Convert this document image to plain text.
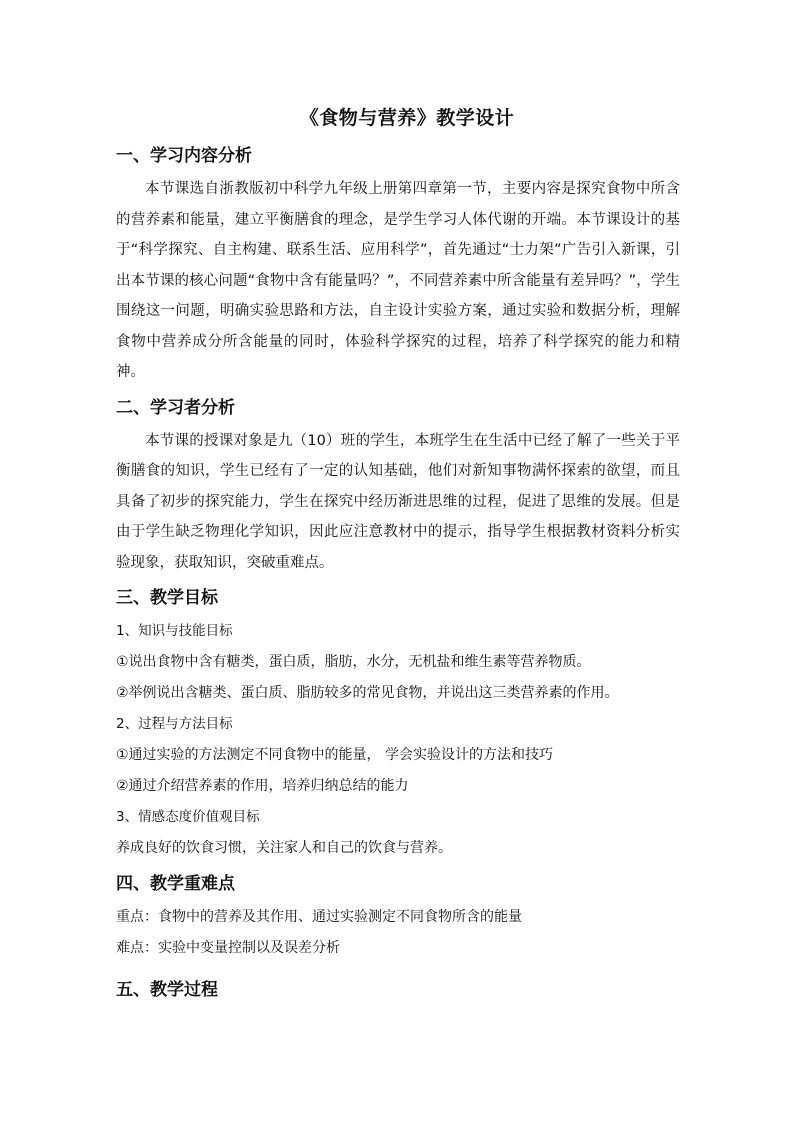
《食物与营养》教学设计
一、学习内容分析

本节课选自浙教版初中科学九年级上册第四章第一节，主要内容是探究食物中所含的营养素和能量，建立平衡膳食的理念，是学生学习人体代谢的开端。本节课设计的基于“科学探究、自主构建、联系生活、应用科学”，首先通过“士力架”广告引入新课，引出本节课的核心问题“食物中含有能量吗？”，不同营养素中所含能量有差异吗？”，学生围绕这一问题，明确实验思路和方法，自主设计实验方案，通过实验和数据分析，理解食物中营养成分所含能量的同时，体验科学探究的过程，培养了科学探究的能力和精神。

二、学习者分析

本节课的授课对象是九（10）班的学生，本班学生在生活中已经了解了一些关于平衡膳食的知识，学生已经有了一定的认知基础，他们对新知事物满怀探索的欲望，而且具备了初步的探究能力，学生在探究中经历渐进思维的过程，促进了思维的发展。但是由于学生缺乏物理化学知识，因此应注意教材中的提示，指导学生根据教材资料分析实验现象，获取知识，突破重难点。

三、教学目标
1、知识与技能目标
①说出食物中含有糖类，蛋白质，脂肪，水分，无机盐和维生素等营养物质。
②举例说出含糖类、蛋白质、脂肪较多的常见食物，并说出这三类营养素的作用。
2、过程与方法目标
①通过实验的方法测定不同食物中的能量， 学会实验设计的方法和技巧
②通过介绍营养素的作用，培养归纳总结的能力
3、情感态度价值观目标
养成良好的饮食习惯，关注家人和自己的饮食与营养。
四、教学重难点
重点：食物中的营养及其作用、通过实验测定不同食物所含的能量
难点：实验中变量控制以及误差分析
五、教学过程
